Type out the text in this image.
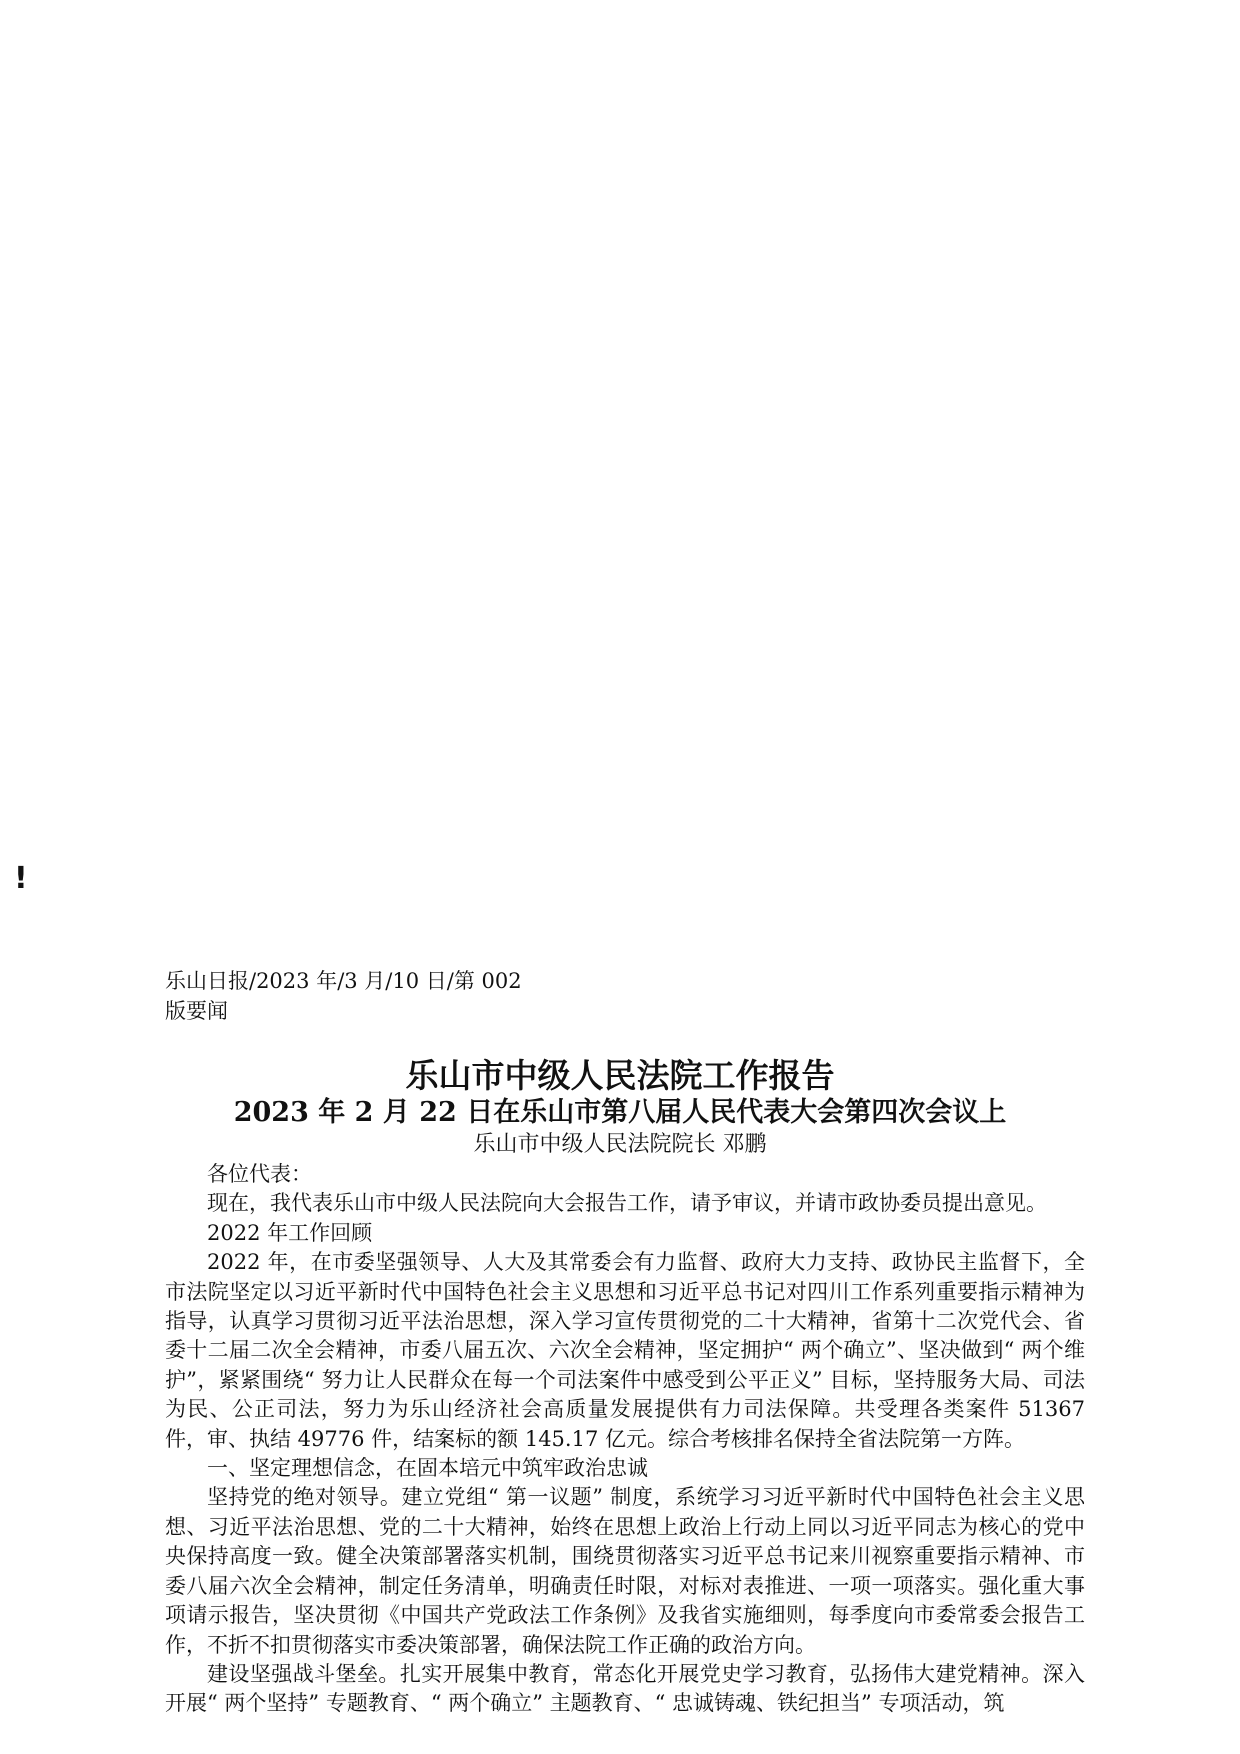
!
乐山日报/2023 年/3 月/10 日/第 002
版要闻
乐山市中级人民法院工作报告
2023 年 2 月 22 日在乐山市第八届人民代表大会第四次会议上
乐山市中级人民法院院长 邓鹏

各位代表：

现在，我代表乐山市中级人民法院向大会报告工作，请予审议，并请市政协委员提出意见。

2022 年工作回顾

2022 年，在市委坚强领导、人大及其常委会有力监督、政府大力支持、政协民主监督下，全市法院坚定以习近平新时代中国特色社会主义思想和习近平总书记对四川工作系列重要指示精神为指导，认真学习贯彻习近平法治思想，深入学习宣传贯彻党的二十大精神，省第十二次党代会、省委十二届二次全会精神，市委八届五次、六次全会精神，坚定拥护“ 两个确立”、坚决做到“ 两个维护”，紧紧围绕“ 努力让人民群众在每一个司法案件中感受到公平正义” 目标，坚持服务大局、司法为民、公正司法，努力为乐山经济社会高质量发展提供有力司法保障。共受理各类案件 51367 件，审、执结 49776 件，结案标的额 145.17 亿元。综合考核排名保持全省法院第一方阵。

一、坚定理想信念，在固本培元中筑牢政治忠诚

坚持党的绝对领导。建立党组“ 第一议题” 制度，系统学习习近平新时代中国特色社会主义思想、习近平法治思想、党的二十大精神，始终在思想上政治上行动上同以习近平同志为核心的党中央保持高度一致。健全决策部署落实机制，围绕贯彻落实习近平总书记来川视察重要指示精神、市委八届六次全会精神，制定任务清单，明确责任时限，对标对表推进、一项一项落实。强化重大事项请示报告，坚决贯彻《中国共产党政法工作条例》及我省实施细则，每季度向市委常委会报告工作，不折不扣贯彻落实市委决策部署，确保法院工作正确的政治方向。

建设坚强战斗堡垒。扎实开展集中教育，常态化开展党史学习教育，弘扬伟大建党精神。深入开展“ 两个坚持” 专题教育、“ 两个确立” 主题教育、“ 忠诚铸魂、铁纪担当” 专项活动，筑
